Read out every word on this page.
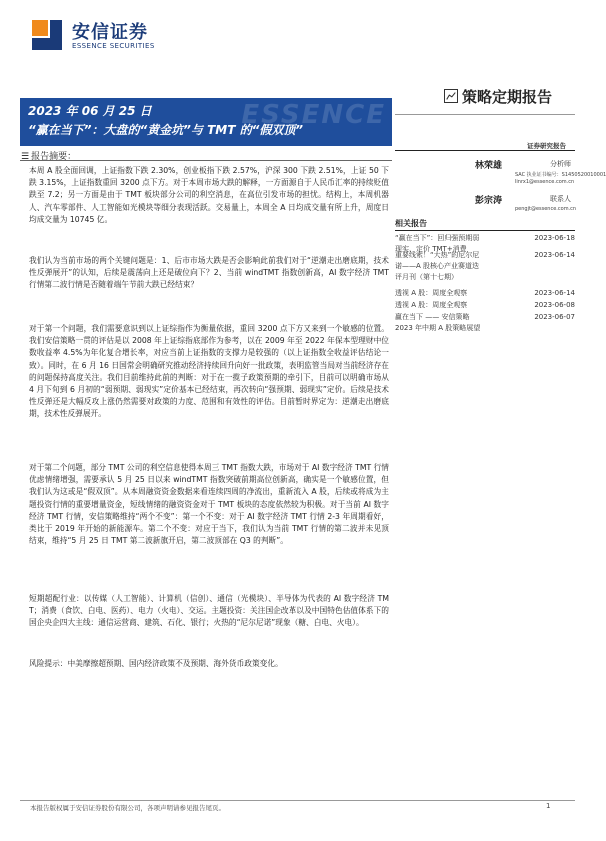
安信证券
ESSENCE SECURITIES
策略定期报告
ESSENCE
2023 年 06 月 25 日
“赢在当下”：大盘的“黄金坑”与 TMT 的“假双顶”
证券研究报告
☰ 报告摘要：
本周 A 股全面回调，上证指数下跌 2.30%，创业板指下跌 2.57%，沪深 300 下跌 2.51%，上证 50 下跌 3.15%，上证指数重回 3200 点下方。对于本周市场大跌的解释，一方面源自于人民币汇率的持续贬值跌至 7.2；另一方面是由于 TMT 板块部分公司的利空消息，在高位引发市场的担忧。结构上，本周机器人、汽车零部件、人工智能如光模块等细分表现活跃。交易量上，本周全 A 日均成交量有所上升，周度日均成交量为 10745 亿。
我们认为当前市场的两个关键问题是：1、后市市场大跌是否会影响此前我们对于“逆潮走出磨底期，技术性反弹展开”的认知，后续是震荡向上还是破位向下？2、当前 windTMT 指数创新高，AI 数字经济 TMT 行情第二波行情是否随着端午节前大跌已经结束？
对于第一个问题，我们需要意识到以上证综指作为衡量依据，重回 3200 点下方又来到一个敏感的位置。我们安信策略一贯的评估是以 2008 年上证综指底部作为参考，以在 2009 年至 2022 年保本型理财中位数收益率 4.5%为年化复合增长率，对应当前上证指数的支撑力是较强的（以上证指数全收益评估结论一致）。同时，在 6 月 16 日国常会明确研究推动经济持续回升向好一批政策，表明监管当局对当前经济存在的问题保持高度关注。我们目前维持此前的判断：对于在一揽子政策预期的牵引下，目前可以明确市场从 4 月下旬到 6 月初的“弱预期、弱现实”定价基本已经结束，再次转向“强预期、弱现实”定价。后续是技术性反弹还是大幅反攻上涨仍然需要对政策的力度、范围和有效性的评估。目前暂时界定为：逆潮走出磨底期，技术性反弹展开。
对于第二个问题，部分 TMT 公司的利空信息使得本周三 TMT 指数大跌，市场对于 AI 数字经济 TMT 行情优虑情绪增强，需要承认 5 月 25 日以来 windTMT 指数突破前期高位创新高，确实是一个敏感位置，但我们认为这或是“假双顶”。从本周融资资金数据来看连续四周的净流出，重新流入 A 股，后续或将成为主题投资行情的重要增量资金，短线情绪的融资资金对于 TMT 板块的态度依然较为积极。对于当前 AI 数字经济 TMT 行情，安信策略维持“两个不变”：第一个不变：对于 AI 数字经济 TMT 行情 2-3 年周期看好，类比于 2019 年开始的新能源车。第二个不变：对应于当下，我们认为当前 TMT 行情的第二波并未见顶结束，维持“5 月 25 日 TMT 第二波新旗开启，第二波顶部在 Q3 的判断”。
短期超配行业：以传媒（人工智能）、计算机（信创）、通信（光模块）、半导体为代表的 AI 数字经济 TMT；消费（食饮、白电、医药）、电力（火电）、交运。主题投资：关注国企改革以及中国特色估值体系下的国企央企四大主线：通信运营商、建筑、石化、银行；火热的“尼尔尼诺”现象（糖、白电、火电）。
风险提示：中美摩擦超预期、国内经济政策不及预期、海外货币政策变化。
林荣雄	分析师
SAC 执业证书编号：S1450520010001
linrx1@essence.com.cn
彭宗涛	联系人
pengjt@essence.com.cn
相关报告
“赢在当下”：回归强预期弱
现实，定价 TMT+消费
2023-06-18
重要线索！“大热”的尼尔尼
诺——A 股核心产业赛道迭
评月刊（第十七期）
2023-06-14
透视 A 股：周度全观察	2023-06-14
透视 A 股：周度全观察	2023-06-08
赢在当下 —— 安信策略
2023 年中期 A 股策略展望
2023-06-07
本报告版权属于安信证券股份有限公司，各项声明请参见报告尾页。	1
